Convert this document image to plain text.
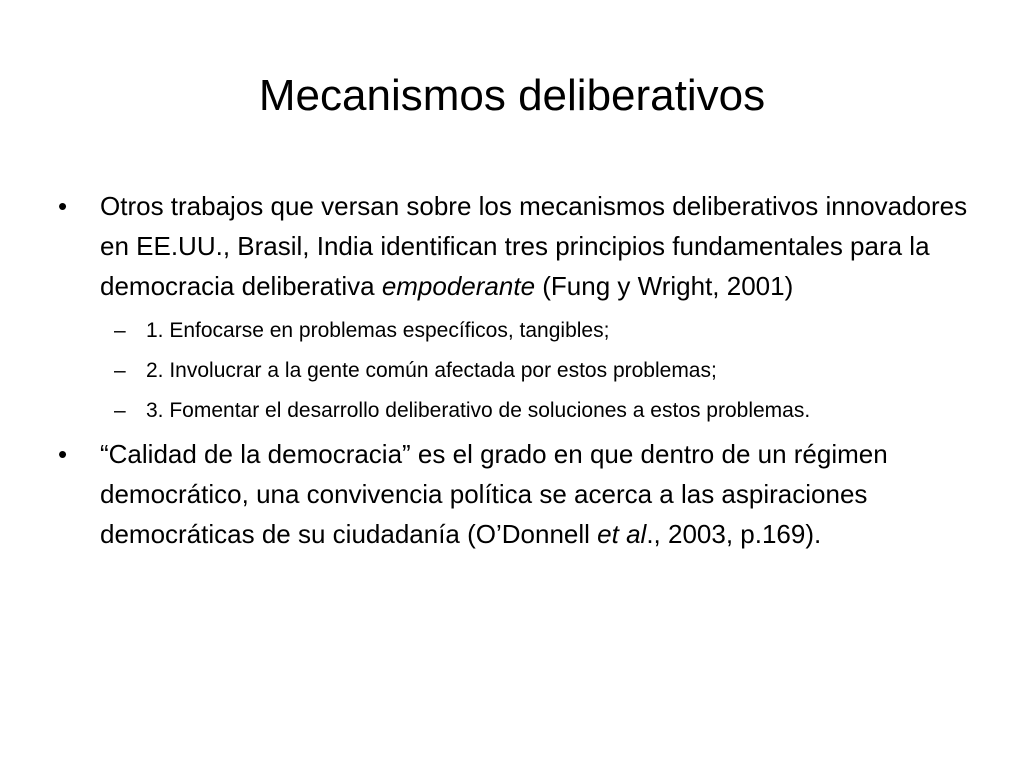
Mecanismos deliberativos

• Otros trabajos que versan sobre los mecanismos deliberativos innovadores en EE.UU., Brasil, India identifican tres principios fundamentales para la democracia deliberativa empoderante (Fung y Wright, 2001)

– 1. Enfocarse en problemas específicos, tangibles;

– 2. Involucrar a la gente común afectada por estos problemas;

– 3. Fomentar el desarrollo deliberativo de soluciones a estos problemas.

• “Calidad de la democracia” es el grado en que dentro de un régimen democrático, una convivencia política se acerca a las aspiraciones democráticas de su ciudadanía (O’Donnell et al., 2003, p.169).
